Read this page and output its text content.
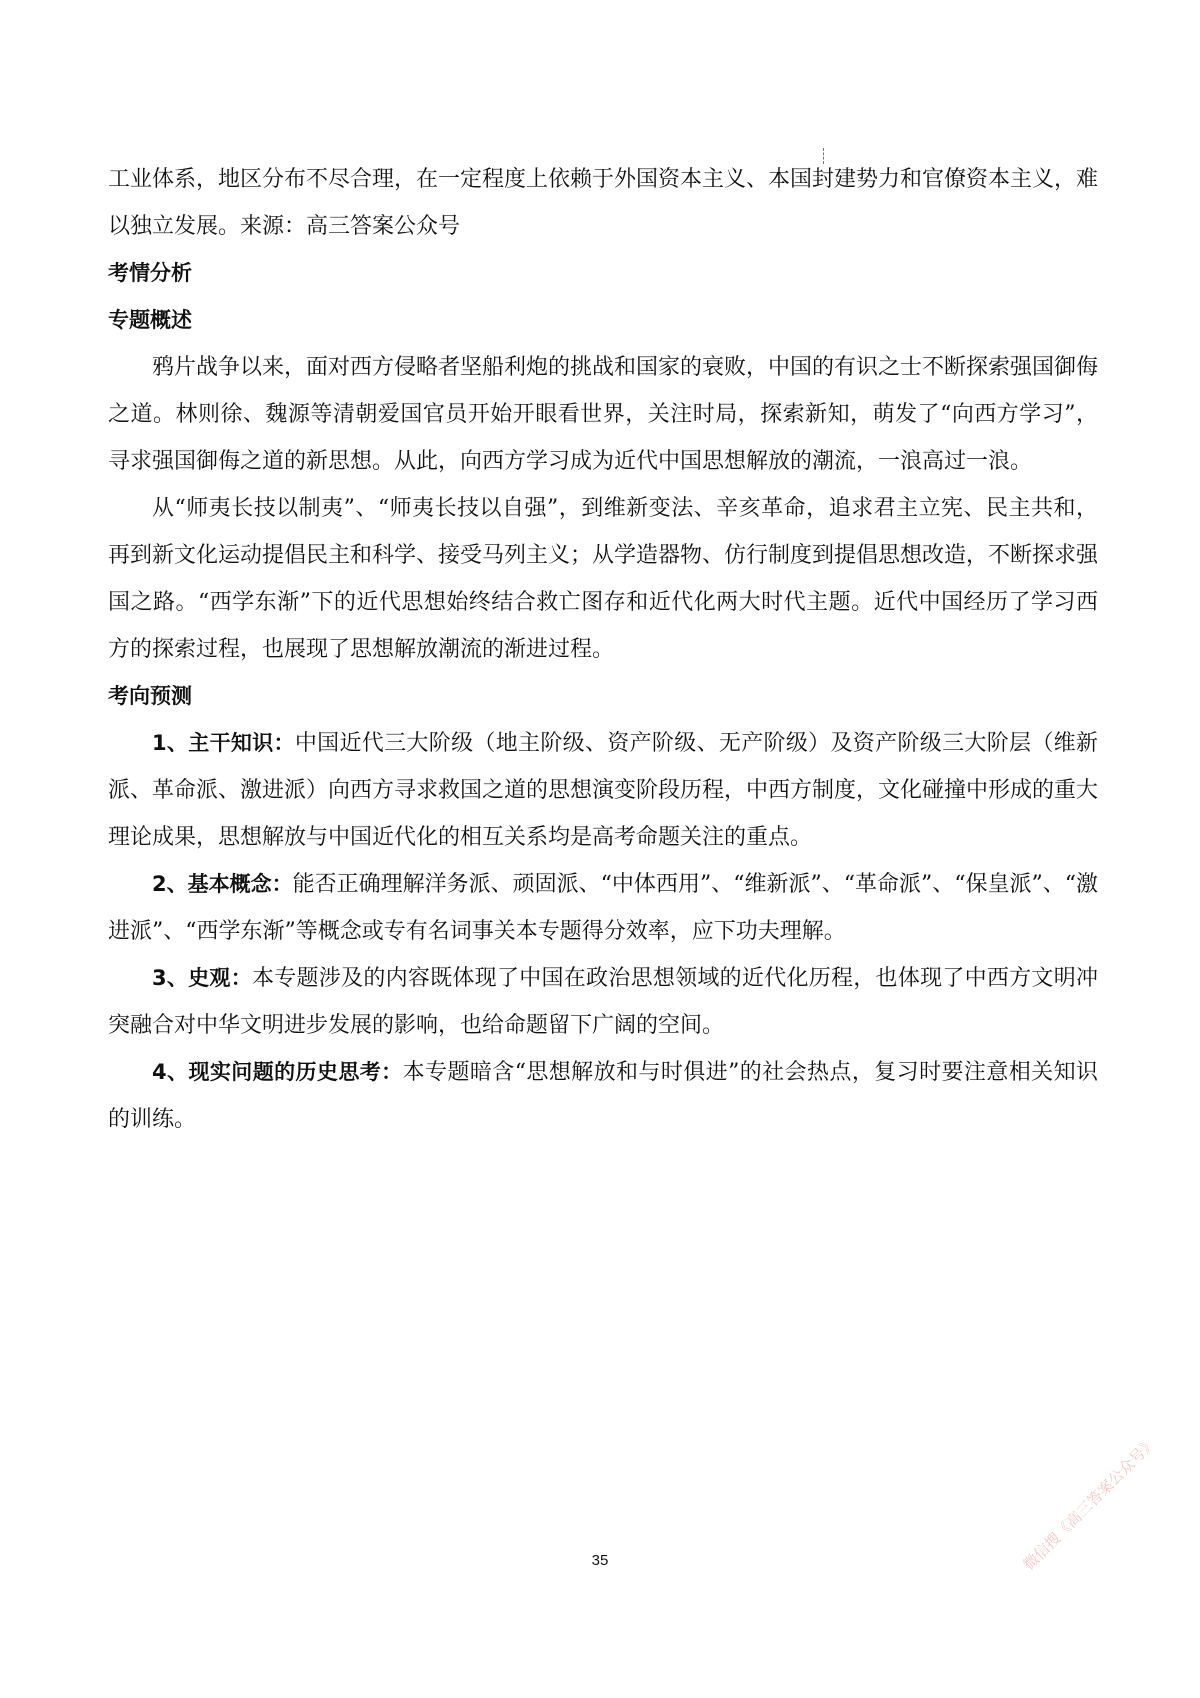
工业体系，地区分布不尽合理，在一定程度上依赖于外国资本主义、本国封建势力和官僚资本主义，难以独立发展。来源：高三答案公众号

考情分析

专题概述

鸦片战争以来，面对西方侵略者坚船利炮的挑战和国家的衰败，中国的有识之士不断探索强国御侮之道。林则徐、魏源等清朝爱国官员开始开眼看世界，关注时局，探索新知，萌发了“向西方学习”，寻求强国御侮之道的新思想。从此，向西方学习成为近代中国思想解放的潮流，一浪高过一浪。

从“师夷长技以制夷”、“师夷长技以自强”，到维新变法、辛亥革命，追求君主立宪、民主共和，再到新文化运动提倡民主和科学、接受马列主义；从学造器物、仿行制度到提倡思想改造，不断探求强国之路。“西学东渐”下的近代思想始终结合救亡图存和近代化两大时代主题。近代中国经历了学习西方的探索过程，也展现了思想解放潮流的渐进过程。

考向预测

1、主干知识：中国近代三大阶级（地主阶级、资产阶级、无产阶级）及资产阶级三大阶层（维新派、革命派、激进派）向西方寻求救国之道的思想演变阶段历程，中西方制度，文化碰撞中形成的重大理论成果，思想解放与中国近代化的相互关系均是高考命题关注的重点。

2、基本概念：能否正确理解洋务派、顽固派、“中体西用”、“维新派”、“革命派”、“保皇派”、“激进派”、“西学东渐”等概念或专有名词事关本专题得分效率，应下功夫理解。

3、史观：本专题涉及的内容既体现了中国在政治思想领域的近代化历程，也体现了中西方文明冲突融合对中华文明进步发展的影响，也给命题留下广阔的空间。

4、现实问题的历史思考：本专题暗含“思想解放和与时俱进”的社会热点，复习时要注意相关知识的训练。

35	微信搜《高三答案公众号》
